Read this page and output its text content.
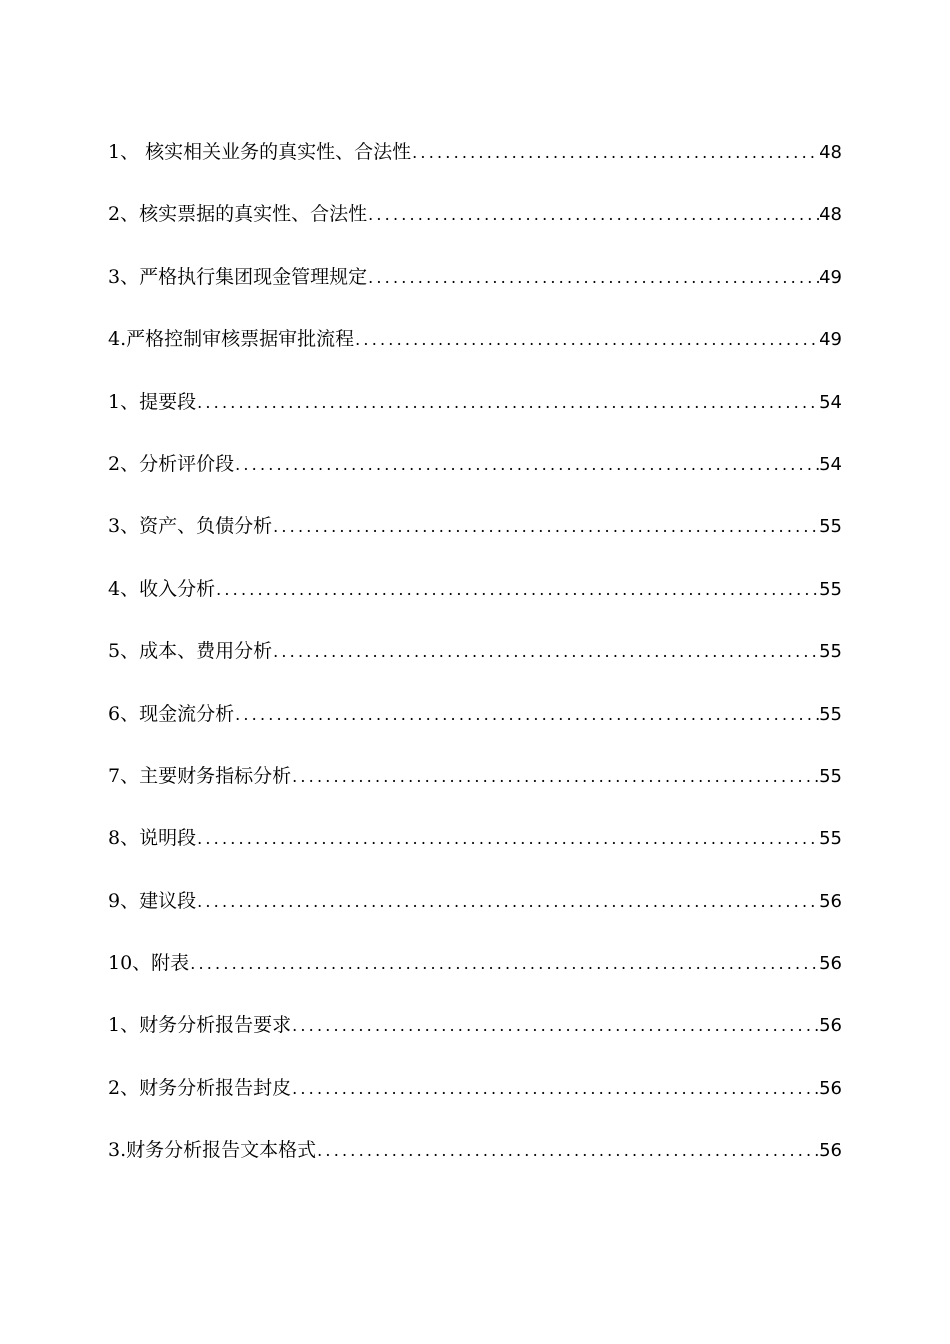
1、 核实相关业务的真实性、合法性 .....	48
2、核实票据的真实性、合法性 .....	48
3、严格执行集团现金管理规定 .....	49
4.严格控制审核票据审批流程 .....	49
1、提要段 .....	54
2、分析评价段 .....	54
3、资产、负债分析 .....	55
4、收入分析 .....	55
5、成本、费用分析 .....	55
6、现金流分析 .....	55
7、主要财务指标分析 .....	55
8、说明段 .....	55
9、建议段 .....	56
10、附表 .....	56
1、财务分析报告要求 .....	56
2、财务分析报告封皮 .....	56
3.财务分析报告文本格式 .....	56
